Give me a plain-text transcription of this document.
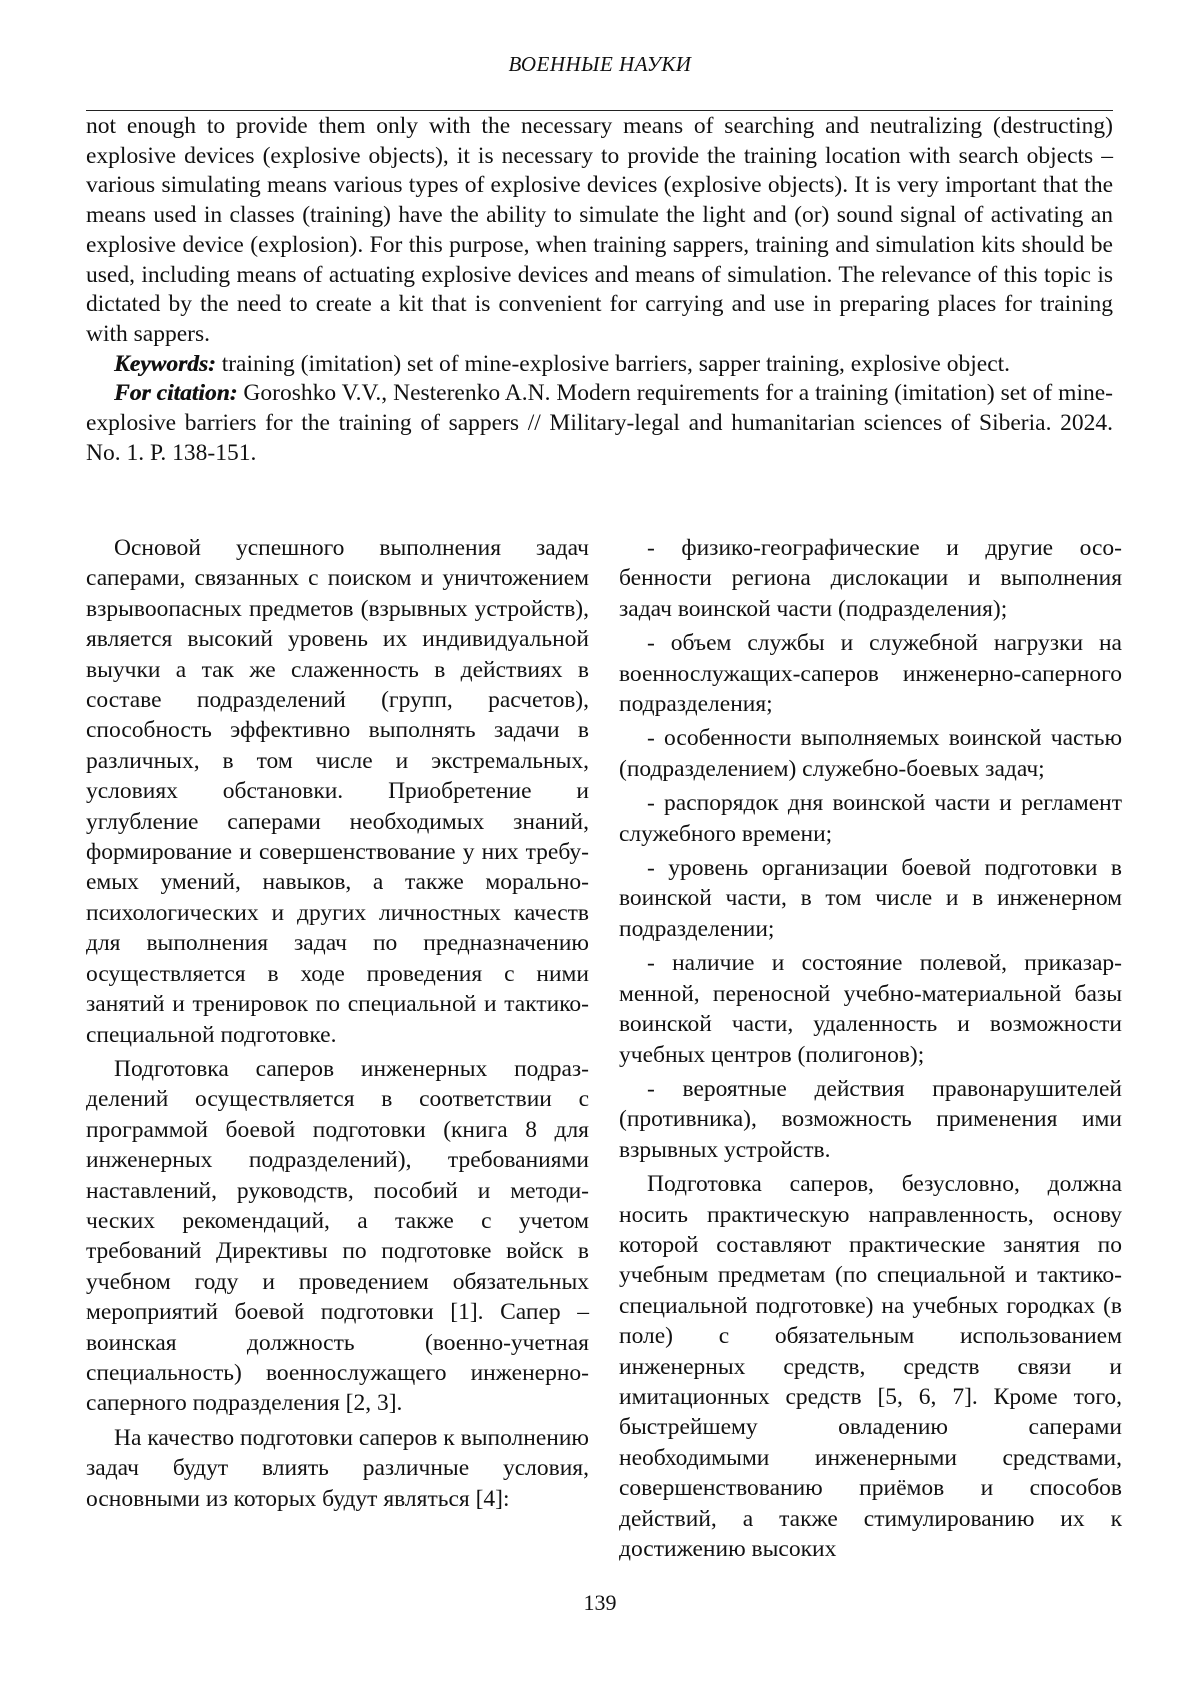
ВОЕННЫЕ НАУКИ

not enough to provide them only with the necessary means of searching and neutralizing (destructing) explosive devices (explosive objects), it is necessary to provide the training location with search objects – various simulating means various types of explosive devices (explosive objects). It is very important that the means used in classes (training) have the ability to simulate the light and (or) sound signal of activating an explosive device (explosion). For this purpose, when training sappers, training and simulation kits should be used, including means of actuating explosive devices and means of simulation. The relevance of this topic is dictated by the need to create a kit that is convenient for carrying and use in preparing places for training with sappers.

Keywords: training (imitation) set of mine-explosive barriers, sapper training, explosive object.

For citation: Goroshko V.V., Nesterenko A.N. Modern requirements for a training (imitation) set of mine-explosive barriers for the training of sappers // Military-legal and humanitarian sciences of Siberia. 2024. No. 1. P. 138-151.

Основой успешного выполнения задач саперами, связанных с поиском и уничтожением взрывоопасных предметов (взрывных устройств), является высокий уровень их индивидуальной выучки а так же слаженность в действиях в составе подразделений (групп, расчетов), способность эффективно выполнять задачи в различных, в том числе и экстремальных, условиях обстановки. Приобретение и углубление саперами необходимых знаний, формирование и совершенствование у них требуемых умений, навыков, а также морально-психологических и других личностных качеств для выполнения задач по предназначению осуществляется в ходе проведения с ними занятий и тренировок по специальной и тактико-специальной подготовке.

Подготовка саперов инженерных подразделений осуществляется в соответствии с программой боевой подготовки (книга 8 для инженерных подразделений), требованиями наставлений, руководств, пособий и методических рекомендаций, а также с учетом требований Директивы по подготовке войск в учебном году и проведением обязательных мероприятий боевой подготовки [1]. Сапер – воинская должность (военно-учетная специальность) военнослужащего инженерно-саперного подразделения [2, 3].

На качество подготовки саперов к выполнению задач будут влиять различные условия, основными из которых будут являться [4]:

- физико-географические и другие особенности региона дислокации и выполнения задач воинской части (подразделения);

- объем службы и служебной нагрузки на военнослужащих-саперов инженерно-саперного подразделения;

- особенности выполняемых воинской частью (подразделением) служебно-боевых задач;

- распорядок дня воинской части и регламент служебного времени;

- уровень организации боевой подготовки в воинской части, в том числе и в инженерном подразделении;

- наличие и состояние полевой, приказарменной, переносной учебно-материальной базы воинской части, удаленность и возможности учебных центров (полигонов);

- вероятные действия правонарушителей (противника), возможность применения ими взрывных устройств.

Подготовка саперов, безусловно, должна носить практическую направленность, основу которой составляют практические занятия по учебным предметам (по специальной и тактико-специальной подготовке) на учебных городках (в поле) с обязательным использованием инженерных средств, средств связи и имитационных средств [5, 6, 7]. Кроме того, быстрейшему овладению саперами необходимыми инженерными средствами, совершенствованию приёмов и способов действий, а также стимулированию их к достижению высоких

139
